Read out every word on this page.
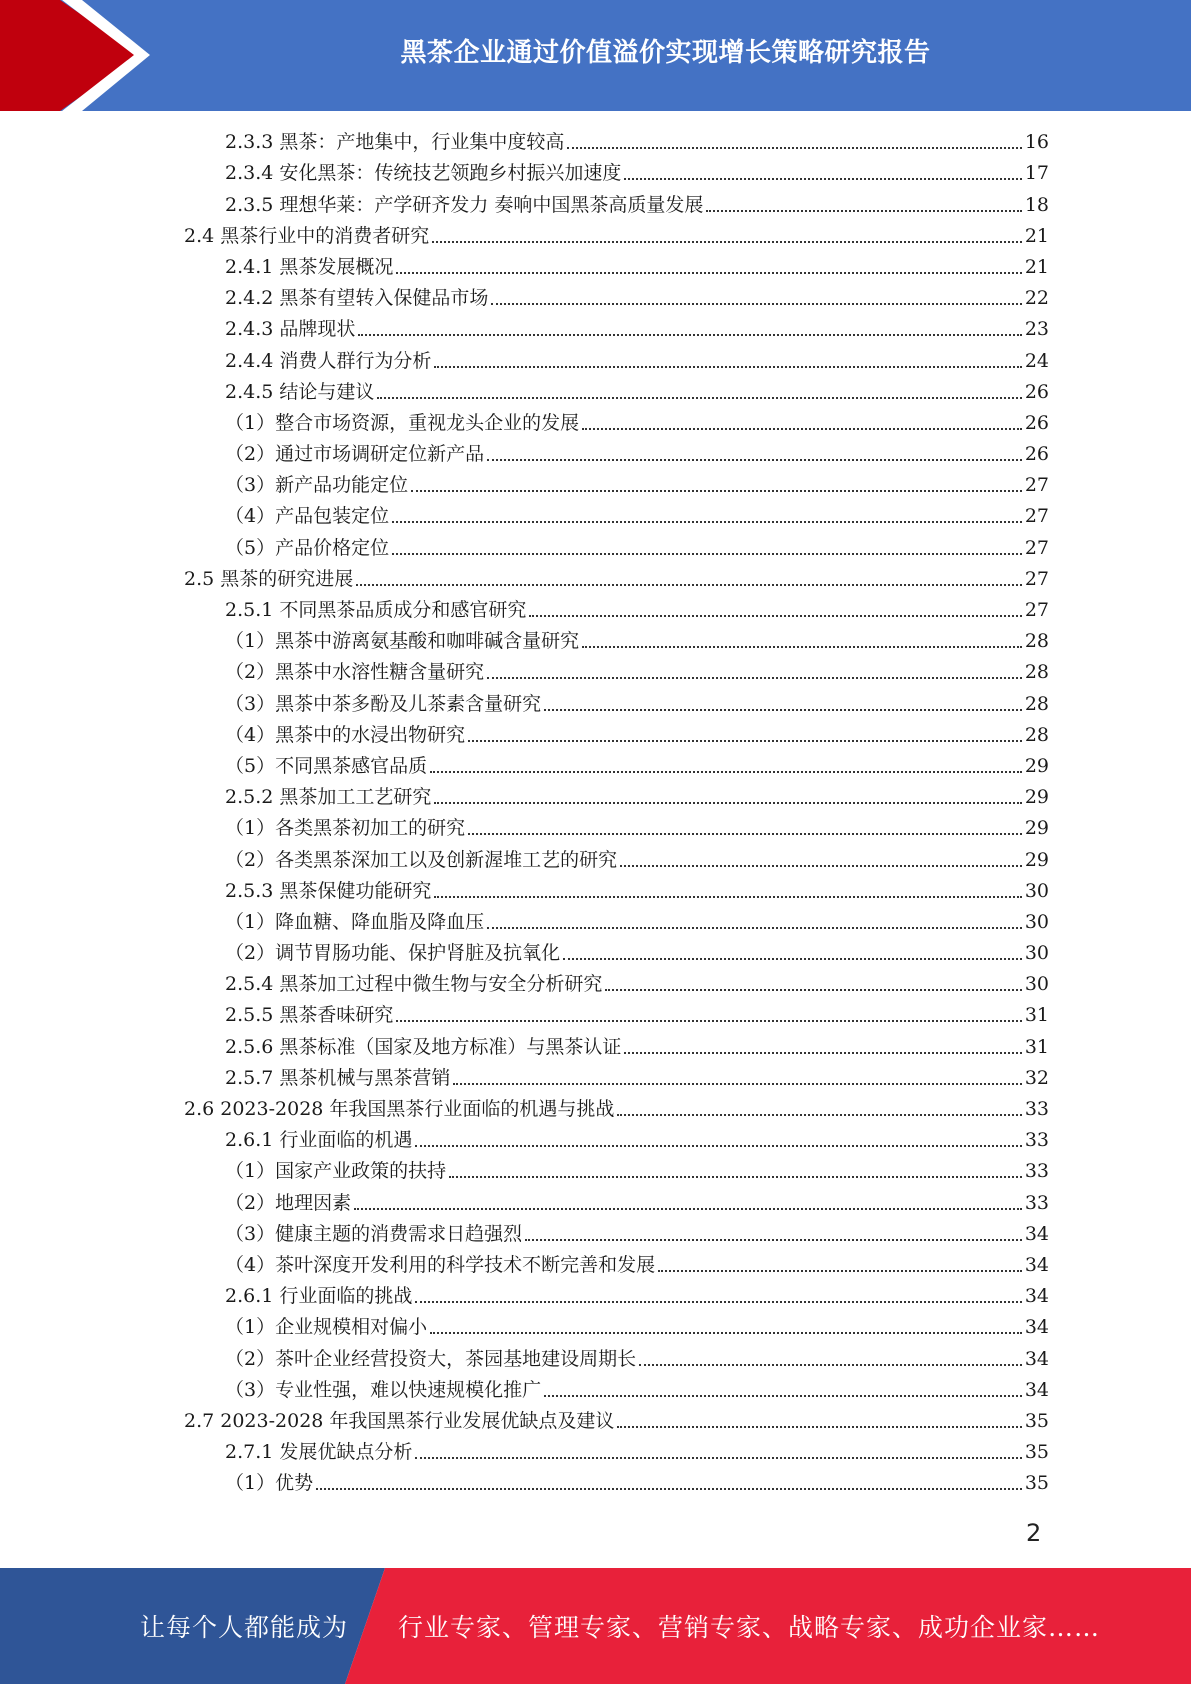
黑茶企业通过价值溢价实现增长策略研究报告
2.3.3 黑茶：产地集中，行业集中度较高	16
2.3.4 安化黑茶：传统技艺领跑乡村振兴加速度	17
2.3.5 理想华莱：产学研齐发力 奏响中国黑茶高质量发展	18
2.4 黑茶行业中的消费者研究	21
2.4.1 黑茶发展概况	21
2.4.2 黑茶有望转入保健品市场	22
2.4.3 品牌现状	23
2.4.4 消费人群行为分析	24
2.4.5 结论与建议	26
（1）整合市场资源，重视龙头企业的发展	26
（2）通过市场调研定位新产品	26
（3）新产品功能定位	27
（4）产品包装定位	27
（5）产品价格定位	27
2.5 黑茶的研究进展	27
2.5.1 不同黑茶品质成分和感官研究	27
（1）黑茶中游离氨基酸和咖啡碱含量研究	28
（2）黑茶中水溶性糖含量研究	28
（3）黑茶中茶多酚及儿茶素含量研究	28
（4）黑茶中的水浸出物研究	28
（5）不同黑茶感官品质	29
2.5.2 黑茶加工工艺研究	29
（1）各类黑茶初加工的研究	29
（2）各类黑茶深加工以及创新渥堆工艺的研究	29
2.5.3 黑茶保健功能研究	30
（1）降血糖、降血脂及降血压	30
（2）调节胃肠功能、保护肾脏及抗氧化	30
2.5.4 黑茶加工过程中微生物与安全分析研究	30
2.5.5 黑茶香味研究	31
2.5.6 黑茶标准（国家及地方标准）与黑茶认证	31
2.5.7 黑茶机械与黑茶营销	32
2.6 2023-2028 年我国黑茶行业面临的机遇与挑战	33
2.6.1 行业面临的机遇	33
（1）国家产业政策的扶持	33
（2）地理因素	33
（3）健康主题的消费需求日趋强烈	34
（4）茶叶深度开发利用的科学技术不断完善和发展	34
2.6.1 行业面临的挑战	34
（1）企业规模相对偏小	34
（2）茶叶企业经营投资大，茶园基地建设周期长	34
（3）专业性强，难以快速规模化推广	34
2.7 2023-2028 年我国黑茶行业发展优缺点及建议	35
2.7.1 发展优缺点分析	35
（1）优势	35
2
让每个人都能成为 行业专家、管理专家、营销专家、战略专家、成功企业家……
